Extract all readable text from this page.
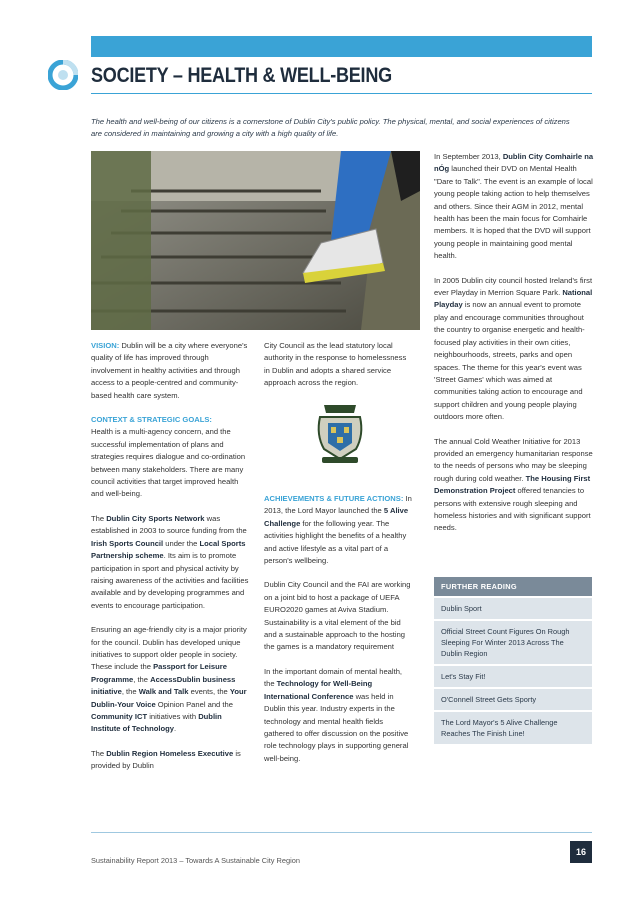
SOCIETY – HEALTH & WELL-BEING
The health and well-being of our citizens is a cornerstone of Dublin City's public policy. The physical, mental, and social experiences of citizens are considered in maintaining and growing a city with a high quality of life.

VISION: Dublin will be a city where everyone's quality of life has improved through involvement in healthy activities and through access to a people-centred and community-based health care system.

CONTEXT & STRATEGIC GOALS:
Health is a multi-agency concern, and the successful implementation of plans and strategies requires dialogue and co-ordination between many stakeholders. There are many council activities that target improved health and well-being.

The Dublin City Sports Network was established in 2003 to source funding from the Irish Sports Council under the Local Sports Partnership scheme. Its aim is to promote participation in sport and physical activity by raising awareness of the activities and facilities available and by developing programmes and events to encourage participation.

Ensuring an age-friendly city is a major priority for the council. Dublin has developed unique initiatives to support older people in society. These include the Passport for Leisure Programme, the AccessDublin business initiative, the Walk and Talk events, the Your Dublin-Your Voice Opinion Panel and the Community ICT initiatives with Dublin Institute of Technology.

The Dublin Region Homeless Executive is provided by Dublin

City Council as the lead statutory local authority in the response to homelessness in Dublin and adopts a shared service approach across the region.

ACHIEVEMENTS & FUTURE ACTIONS: In 2013, the Lord Mayor launched the 5 Alive Challenge for the following year. The activities highlight the benefits of a healthy and active lifestyle as a vital part of a person's wellbeing.

Dublin City Council and the FAI are working on a joint bid to host a package of UEFA EURO2020 games at Aviva Stadium. Sustainability is a vital element of the bid and a sustainable approach to the hosting the games is a mandatory requirement

In the important domain of mental health, the Technology for Well-Being International Conference was held in Dublin this year. Industry experts in the technology and mental health fields gathered to offer discussion on the positive role technology plays in supporting general well-being.

In September 2013, Dublin City Comhairle na nÓg launched their DVD on Mental Health "Dare to Talk". The event is an example of local young people taking action to help themselves and others. Since their AGM in 2012, mental health has been the main focus for Comhairle members. It is hoped that the DVD will support young people in maintaining good mental health.

In 2005 Dublin city council hosted Ireland's first ever Playday in Merrion Square Park. National Playday is now an annual event to promote play and encourage communities throughout the country to organise energetic and health-focused play activities in their own cities, neighbourhoods, streets, parks and open spaces. The theme for this year's event was 'Street Games' which was aimed at communities taking action to encourage and support children and young people playing outdoors more often.

The annual Cold Weather Initiative for 2013 provided an emergency humanitarian response to the needs of persons who may be sleeping rough during cold weather. The Housing First Demonstration Project offered tenancies to persons with extensive rough sleeping and homeless histories and with significant support needs.

FURTHER READING
Dublin Sport
Official Street Count Figures On Rough Sleeping For Winter 2013 Across The Dublin Region
Let's Stay Fit!
O'Connell Street Gets Sporty
The Lord Mayor's 5 Alive Challenge Reaches The Finish Line!
16
Sustainability Report 2013 – Towards A Sustainable City Region
